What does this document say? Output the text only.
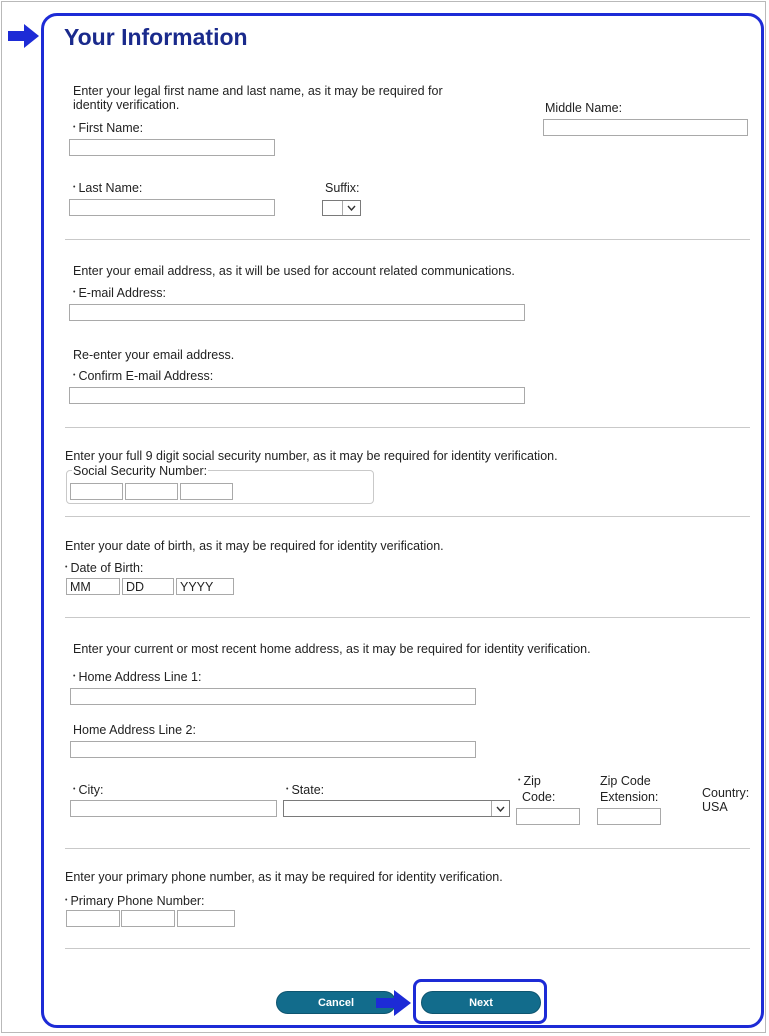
Your Information
Enter your legal first name and last name, as it may be required for identity verification.
• First Name:
Middle Name:
• Last Name:	Suffix:
Enter your email address, as it will be used for account related communications.
• E-mail Address:
Re-enter your email address.
• Confirm E-mail Address:
Enter your full 9 digit social security number, as it may be required for identity verification.
Social Security Number:
Enter your date of birth, as it may be required for identity verification.
• Date of Birth:
MM	DD	YYYY
Enter your current or most recent home address, as it may be required for identity verification.
• Home Address Line 1:
Home Address Line 2:
• City:
•	State:
• Zip
Code:
Zip Code
Extension:	Country:
USA
Enter your primary phone number, as it may be required for identity verification.
• Primary Phone Number:
Cancel	Next
